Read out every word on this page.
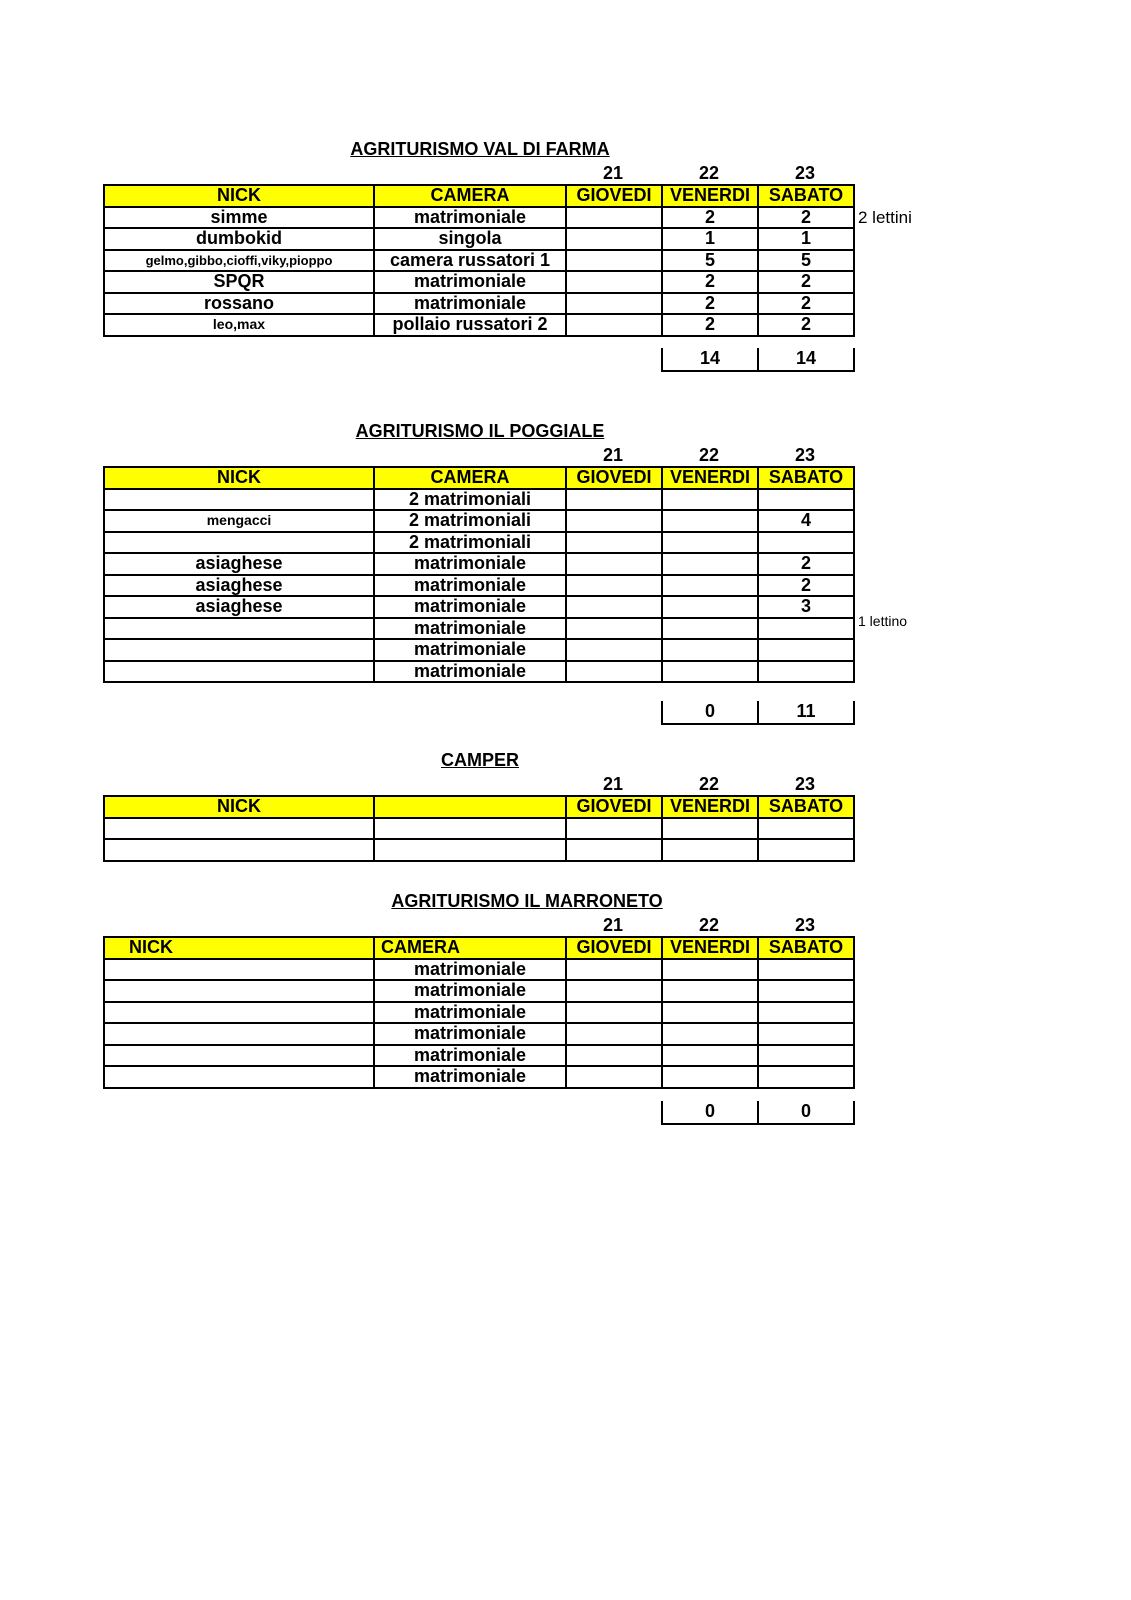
AGRITURISMO VAL DI FARMA
21	22	23
NICK	CAMERA	GIOVEDI	VENERDI	SABATO
simme	matrimoniale		2	2
dumbokid	singola		1	1
gelmo,gibbo,cioffi,viky,pioppo	camera russatori 1		5	5
SPQR	matrimoniale		2	2
rossano	matrimoniale		2	2
leo,max	pollaio russatori 2		2	2
14	14
2 lettini
AGRITURISMO IL POGGIALE
21	22	23
NICK	CAMERA	GIOVEDI	VENERDI	SABATO
	2 matrimoniali			
mengacci	2 matrimoniali			4
	2 matrimoniali			
asiaghese	matrimoniale			2
asiaghese	matrimoniale			2
asiaghese	matrimoniale			3
	matrimoniale			
	matrimoniale			
	matrimoniale			
0	11
1 lettino
CAMPER
21	22	23
NICK		GIOVEDI	VENERDI	SABATO

AGRITURISMO IL MARRONETO
21	22	23
NICK	CAMERA	GIOVEDI	VENERDI	SABATO
	matrimoniale			
	matrimoniale			
	matrimoniale			
	matrimoniale			
	matrimoniale			
	matrimoniale			
0	0
